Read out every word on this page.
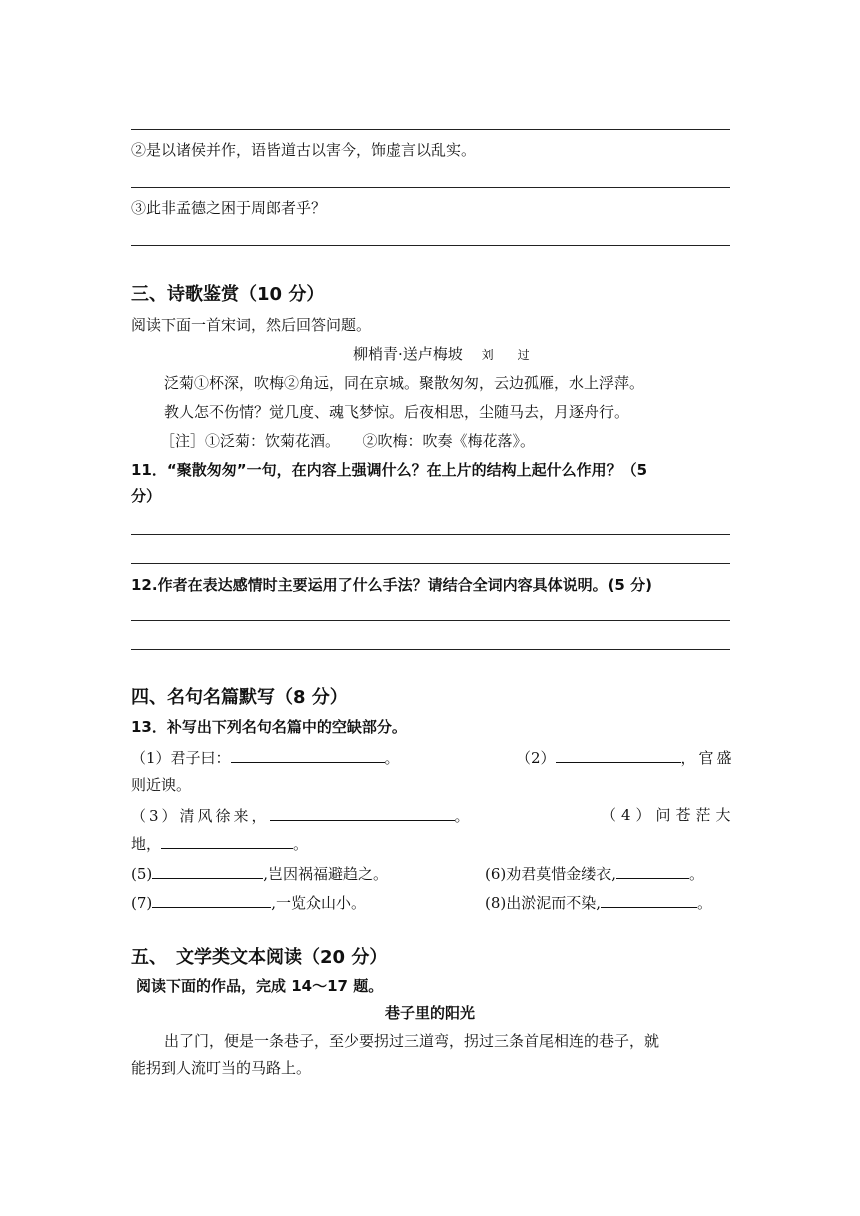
②是以诸侯并作，语皆道古以害今，饰虚言以乱实。
③此非孟德之困于周郎者乎？
三、诗歌鉴赏（10 分）
阅读下面一首宋词，然后回答问题。
柳梢青·送卢梅坡 刘　　过
泛菊①杯深，吹梅②角远，同在京城。聚散匆匆，云边孤雁，水上浮萍。
教人怎不伤情？觉几度、魂飞梦惊。后夜相思，尘随马去，月逐舟行。
［注］①泛菊：饮菊花酒。　　②吹梅：吹奏《梅花落》。
11．“聚散匆匆”一句，在内容上强调什么？在上片的结构上起什么作用？（5
分）
12.作者在表达感情时主要运用了什么手法？请结合全词内容具体说明。(5 分)
四、名句名篇默写（8 分）
13．补写出下列名句名篇中的空缺部分。
（1）君子曰：	。	（2）	，官盛
则近谀。
（3）清风徐来，	。	（4）问苍茫大
地，	。
(5)	,岂因祸福避趋之。	(6)劝君莫惜金缕衣,	。
(7)	,一览众山小。	(8)出淤泥而不染,	。
五、　文学类文本阅读（20 分）
阅读下面的作品，完成 14～17 题。
巷子里的阳光
出了门，便是一条巷子，至少要拐过三道弯，拐过三条首尾相连的巷子，就
能拐到人流叮当的马路上。
